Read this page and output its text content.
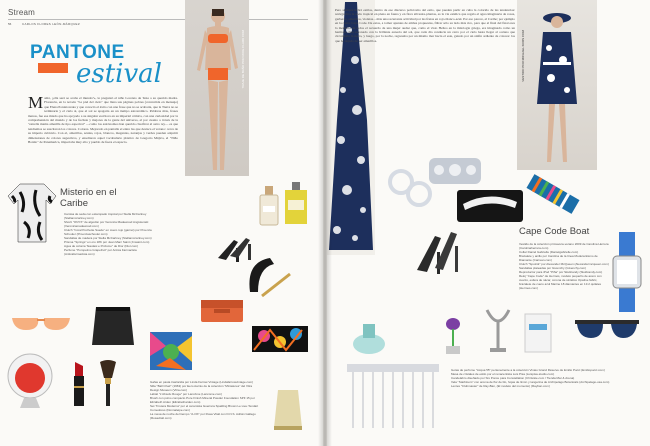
Stream
56	CARLOS FLORES LEÓN-MÁRQUEZ
PANTONE
estival
Mamá, ¿ella será se acaba el mundo?», le preguntó el niño Lorenzo de Tena a su querido madre. Florencia, en la novela "La piel del cielo" que llena sus páginas pobres (convertida en mensaje) que Elena Poniatowska y que conoció el éxito con una frase que no se acabaría, que la Tierra no se terminaría y el cielo sí, que el sol se apagaría en un tiempo astronómico. Palabras más, frases menos, fue ese miedo que ha apoyado a su singular escritora en su imperial cómica, con una curiosidad por la comprehensión del mundo y de los fuchsia y mejores de la gente del universo, el por cuanto a través de la "estrella mama amarilla de tipo espectral" —como los astrónomos han querido clasificar al astro rey— es que tendremos se suscitaron los colores. Colores. Mejorado en pantalla el entre las que destaca el verano: cerca de su imperio cubículo. Con el, amarillos, azules, rojos, blancos, magentas, naranjas y verdes pueden adquirir dimensiones de colores sugestivos, y ensoñaron aquel vocabulario plástico de Gregorio Mújica, el "Niño Bonito" de Panamerica, impactaba muy alto y pueblo de fuera el espacio.
TRAJE DE BAÑO POR RIXIE CLARK COM
Misterio en el Caribe
Camisa de seda con estampado tropical por Stella McCartney (Stellamccartney.com)
Shortt "ONYX" de algodón por Veronica Madewood Angiolenski (Veronicamadewood.com)
Clutch "Coral Pochette Suede" en cuero rojo (garnet) por Proenza Schouler (Proenzaschouler.com)
Sandalias de madera por Stella McCartney (Stellamccartney.com)
Prisma "Springs" en oro 18K por Jean Marc Saint (Jmsaint.com)
Agua de colonia "Eaulasi e Profumo" de Dior (Dior.com)
Perfume "Pompelmo Grapefruit" por Antica Farmacista (Anticafarmacista.com)
Gafas en pasta traslúcida por Linda Farrow Vintage (Lindafarrowvintage.com)
Silla "Ball Chair" (1963) por Eero Aarnio de la colección "Miniatures" del Vitra Design Museum (Vitra.com)
Labial "L'Absolu Rouge" por Lancôme (Lancome.com)
Brush con polvo compacto Pure Finish Mineral Powder Foundation SPF 15 por Elizabeth Arden (Elizabetharden.com)
Set "Frutera Moderna" por el ceramista Guerrera Spalding Brown Le Lieu Tendart Comedores (Donnaleipe.com)
La mesa de noche del tiempo "A-OK" por Rosa Vitali con D.N.S. Adrián Gallego (Rosavitali.com)
Pero siempre habrá estilos, dentro de ese discurso policromo del estío, que pueden partir en cuba la colorido de las tendencias: retórgrafica la onda tropical en plena en fauna y en flora silvestre-plantas, es la vía estética que regala el agua imaginaria de rosas, gerberas, amarillos, violetas... más una recurrente actividad por las frutas en rojo-blanco-azul. Por eso parece, el Caribe; por ejemplo en la costa: Cape Code. De estos, a tomar apuntes de ambas propuestas, filtrar sólo su lado más rico, para que al final del final eres la memoria de todos el recuerdo de una mujer audaz que, como el visto Helios en la mitología griega, era imaginada como un hermoso dios coronado con la brillante aureola del sol, que cada día conducía un carro por el cielo hasta llegar al océano que circundaba la tierra, y luego, por la noche, regresaba por un mismo mar hacia el este, guiado por un sinfín ardiente de colores: los que ha dejado de ser amarillos.	VESTIDO POR MICHAEL KORS COM
Cape Code Boat
Vestido de la colección primavera-verano 2009 de Carolina Herrera (Carolinaherrera.com)
Collar Daniel Gabrielle (Danielgabrielle.com)
Brazalete y anillo por Carolina de la línea Moderantismo de Diamante (Carrean.com)
Clutch "Sputnik" por Alexander McQueen (Alexandermcqueen.com)
Sandalias plateadas por Givenchy (Givenchy.com)
Reproductor para iPod "Piña" por Skullcandy (Skullcandy.com)
Reloj "Cape Code" de Hermès, modelo pequeño de acero con cuarzo, esfera de nácar, corona de sintético Opaline fabric, brazalete de cuero azul Marine 18 diamantes en 13.2 quilates (Hermes.com)
Gotas de perfume "Acqua 55" perteneciente a la colección Vinaio Grand Réserve de Emilio Pucci (Emiliopucci.com)
Mesa de cristales de estilo por el renacentista Luis Pisa (Luispisa-studio.com)
Candelabro diseñado por Sís Ponce para Constellation (Chrisiste.com / Tienda Mar & Arena)
Vela "Starbloom" con aroma de flor de lilo, hojas de limón y tangerina de Archipelago Botanicals (Archipelago-usa.com)
Lentes "Clubmaster" de Ray-Ban, (El modelo del momento) (Rayban.com)
